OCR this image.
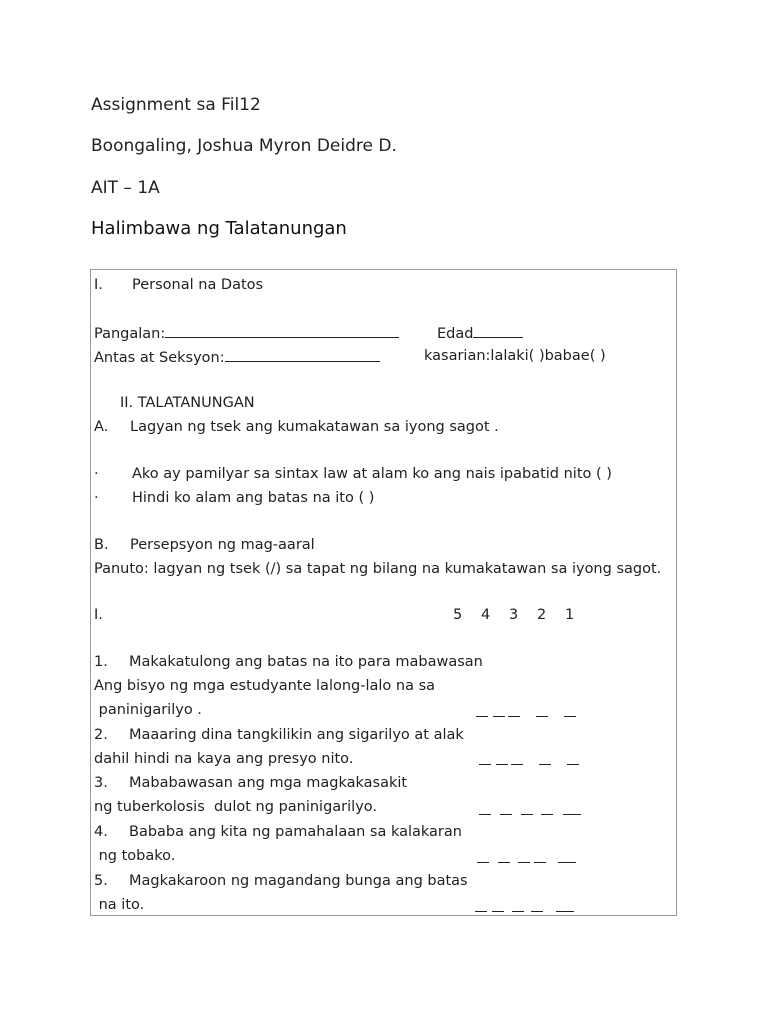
Assignment sa Fil12
Boongaling, Joshua Myron Deidre D.
AIT – 1A
Halimbawa ng Talatanungan
I. Personal na Datos
Pangalan:	Edad
Antas at Seksyon:	kasarian:lalaki( )babae( )
II. TALATANUNGAN
A. Lagyan ng tsek ang kumakatawan sa iyong sagot .
· Ako ay pamilyar sa sintax law at alam ko ang nais ipabatid nito ( )
· Hindi ko alam ang batas na ito ( )
B. Persepsyon ng mag-aaral
Panuto: lagyan ng tsek (/) sa tapat ng bilang na kumakatawan sa iyong sagot.
I.	5 4 3 2 1
1. Makakatulong ang batas na ito para mabawasan
Ang bisyo ng mga estudyante lalong-lalo na sa
paninigarilyo .
2. Maaaring dina tangkilikin ang sigarilyo at alak
dahil hindi na kaya ang presyo nito.
3. Mababawasan ang mga magkakasakit
ng tuberkolosis  dulot ng paninigarilyo.
4. Bababa ang kita ng pamahalaan sa kalakaran
ng tobako.
5. Magkakaroon ng magandang bunga ang batas
na ito.
